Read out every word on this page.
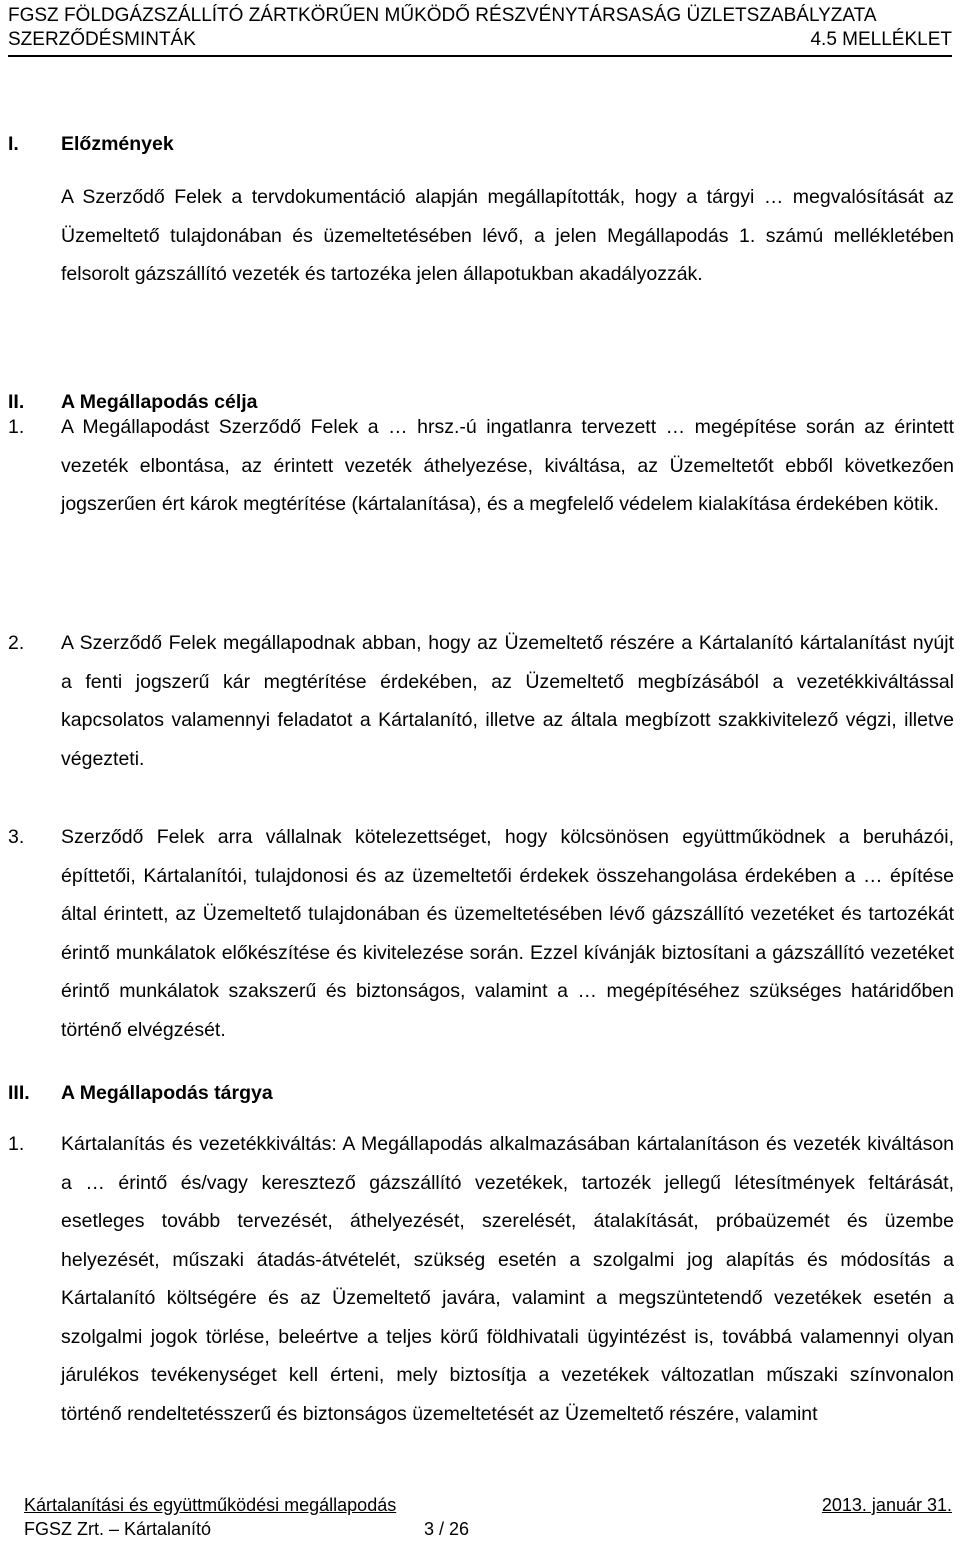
FGSZ FÖLDGÁZSZÁLLÍTÓ ZÁRTKÖRŰEN MŰKÖDŐ RÉSZVÉNYTÁRSASÁG ÜZLETSZABÁLYZATA
SZERZŐDÉSMINTÁK	4.5 MELLÉKLET
I. Előzmények

A Szerződő Felek a tervdokumentáció alapján megállapították, hogy a tárgyi … megvalósítását az Üzemeltető tulajdonában és üzemeltetésében lévő, a jelen Megállapodás 1. számú mellékletében felsorolt gázszállító vezeték és tartozéka jelen állapotukban akadályozzák.

II. A Megállapodás célja
1. A Megállapodást Szerződő Felek a … hrsz.-ú ingatlanra tervezett … megépítése során az érintett vezeték elbontása, az érintett vezeték áthelyezése, kiváltása, az Üzemeltetőt ebből következően jogszerűen ért károk megtérítése (kártalanítása), és a megfelelő védelem kialakítása érdekében kötik.

2. A Szerződő Felek megállapodnak abban, hogy az Üzemeltető részére a Kártalanító kártalanítást nyújt a fenti jogszerű kár megtérítése érdekében, az Üzemeltető megbízásából a vezetékkiváltással kapcsolatos valamennyi feladatot a Kártalanító, illetve az általa megbízott szakkivitelező végzi, illetve végezteti.

3. Szerződő Felek arra vállalnak kötelezettséget, hogy kölcsönösen együttműködnek a beruházói, építtetői, Kártalanítói, tulajdonosi és az üzemeltetői érdekek összehangolása érdekében a … építése által érintett, az Üzemeltető tulajdonában és üzemeltetésében lévő gázszállító vezetéket és tartozékát érintő munkálatok előkészítése és kivitelezése során. Ezzel kívánják biztosítani a gázszállító vezetéket érintő munkálatok szakszerű és biztonságos, valamint a … megépítéséhez szükséges határidőben történő elvégzését.

III. A Megállapodás tárgya
1. Kártalanítás és vezetékkiváltás: A Megállapodás alkalmazásában kártalanításon és vezeték kiváltáson a … érintő és/vagy keresztező gázszállító vezetékek, tartozék jellegű létesítmények feltárását, esetleges tovább tervezését, áthelyezését, szerelését, átalakítását, próbaüzemét és üzembe helyezését, műszaki átadás-átvételét, szükség esetén a szolgalmi jog alapítás és módosítás a Kártalanító költségére és az Üzemeltető javára, valamint a megszüntetendő vezetékek esetén a szolgalmi jogok törlése, beleértve a teljes körű földhivatali ügyintézést is, továbbá valamennyi olyan járulékos tevékenységet kell érteni, mely biztosítja a vezetékek változatlan műszaki színvonalon történő rendeltetésszerű és biztonságos üzemeltetését az Üzemeltető részére, valamint

Kártalanítási és együttműködési megállapodás	2013. január 31.
FGSZ Zrt. – Kártalanító	3 / 26
